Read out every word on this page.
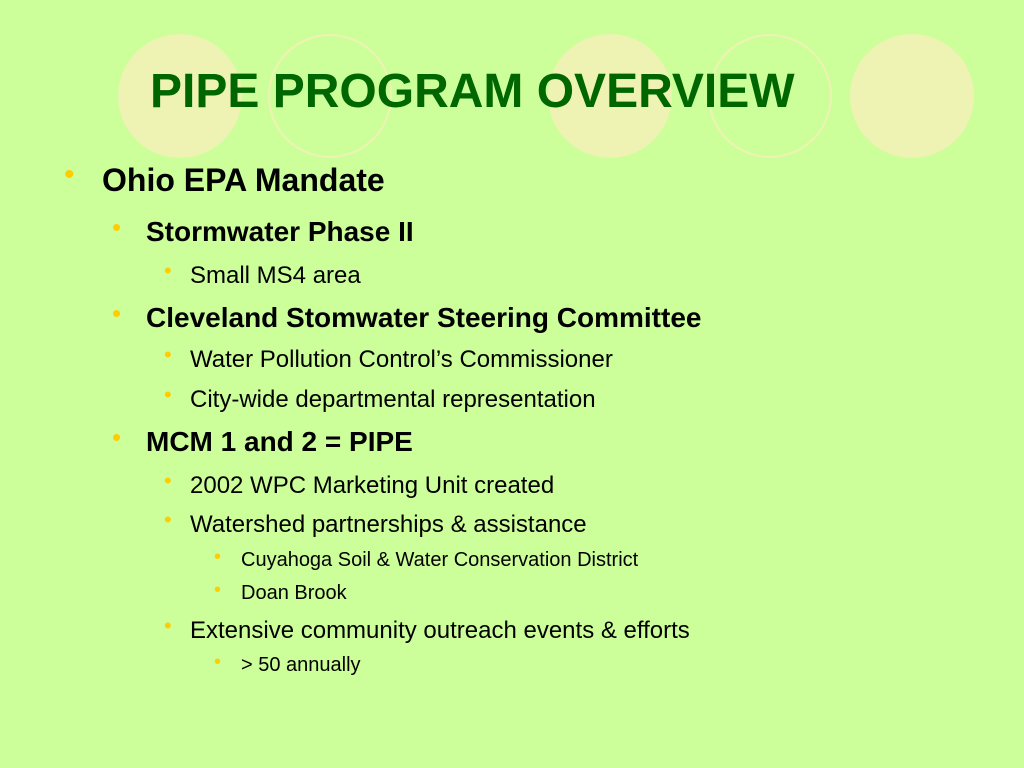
PIPE PROGRAM OVERVIEW
• Ohio EPA Mandate
• Stormwater Phase II
• Small MS4 area
• Cleveland Stomwater Steering Committee
• Water Pollution Control’s Commissioner
• City-wide departmental representation
• MCM 1 and 2 = PIPE
• 2002 WPC Marketing Unit created
• Watershed partnerships & assistance
• Cuyahoga Soil & Water Conservation District
• Doan Brook
• Extensive community outreach events & efforts
• > 50 annually
